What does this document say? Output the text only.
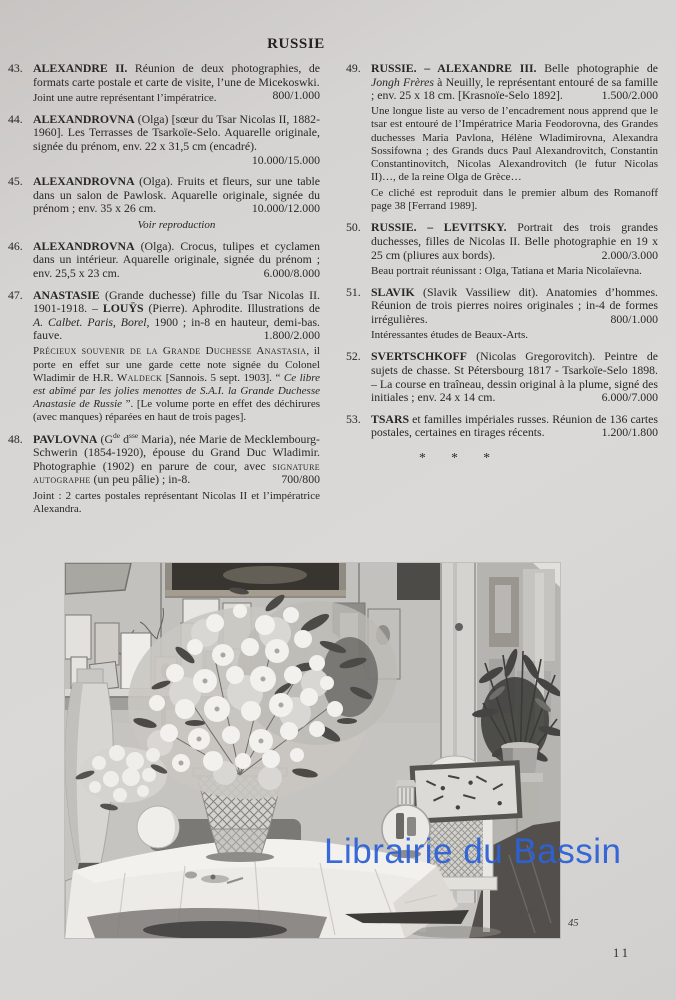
RUSSIE
43. ALEXANDRE II. Réunion de deux photographies, de formats carte postale et carte de visite, l’une de Micekoswki.
800/1.000

Joint une autre représentant l’impératrice.

44. ALEXANDROVNA (Olga) [sœur du Tsar Nicolas II, 1882-1960]. Les Terrasses de Tsarkoïe-Selo. Aquarelle originale, signée du prénom, env. 22 x 31,5 cm (encadré).
10.000/15.000

45. ALEXANDROVNA (Olga). Fruits et fleurs, sur une table dans un salon de Pawlosk. Aquarelle originale, signée du prénom ; env. 35 x 26 cm.	10.000/12.000

Voir reproduction

46. ALEXANDROVNA (Olga). Crocus, tulipes et cyclamen dans un intérieur. Aquarelle originale, signée du prénom ; env. 25,5 x 23 cm.	6.000/8.000

47. ANASTASIE (Grande duchesse) fille du Tsar Nicolas II. 1901-1918. – LOUŸS (Pierre). Aphrodite. Illustrations de A. Calbet. Paris, Borel, 1900 ; in-8 en hauteur, demi-bas. fauve.	1.800/2.000

Précieux souvenir de la Grande Duchesse Anastasia, il porte en effet sur une garde cette note signée du Colonel Wladimir de H.R. Waldeck [Sannois. 5 sept. 1903]. “ Ce libre est abîmé par les jolies menottes de S.A.I. la Grande Duchesse Anastasie de Russie ”. [Le volume porte en effet des déchirures (avec manques) réparées en haut de trois pages].

48. PAVLOVNA ($G^{de}$ $d^{sse}$ Maria), née Marie de Mecklembourg-Schwerin (1854-1920), épouse du Grand Duc Wladimir. Photographie (1902) en parure de cour, avec signature autographe (un peu pâlie) ; in-8.	700/800

Joint : 2 cartes postales représentant Nicolas II et l’impératrice Alexandra.

49. RUSSIE. – ALEXANDRE III. Belle photographie de Jongh Frères à Neuilly, le représentant entouré de sa famille ; env. 25 x 18 cm. [Krasnoïe-Selo 1892].	1.500/2.000

Une longue liste au verso de l’encadrement nous apprend que le tsar est entouré de l’Impératrice Maria Feodorovna, des Grandes duchesses Maria Pavlona, Hélène Wladimirovna, Alexandra Sossifowna ; des Grands ducs Paul Alexandrovitch, Constantin Constantinovitch, Nicolas Alexandrovitch (le futur Nicolas II)…, de la reine Olga de Grèce…

Ce cliché est reproduit dans le premier album des Romanoff page 38 [Ferrand 1989].

50. RUSSIE. – LEVITSKY. Portrait des trois grandes duchesses, filles de Nicolas II. Belle photographie en 19 x 25 cm (pliures aux bords).	2.000/3.000

Beau portrait réunissant : Olga, Tatiana et Maria Nicolaïevna.

51. SLAVIK (Slavik Vassiliew dit). Anatomies d’hommes. Réunion de trois pierres noires originales ; in-4 de formes irrégulières.	800/1.000

Intéressantes études de Beaux-Arts.

52. SVERTSCHKOFF (Nicolas Gregorovitch). Peintre de sujets de chasse. St Pétersbourg 1817 - Tsarkoïe-Selo 1898. – La course en traîneau, dessin original à la plume, signé des initiales ; env. 24 x 14 cm.	6.000/7.000

53. TSARS et familles impériales russes. Réunion de 136 cartes postales, certaines en tirages récents.	1.200/1.800

* * *
Olga
Librairie du Bassin
45
11
